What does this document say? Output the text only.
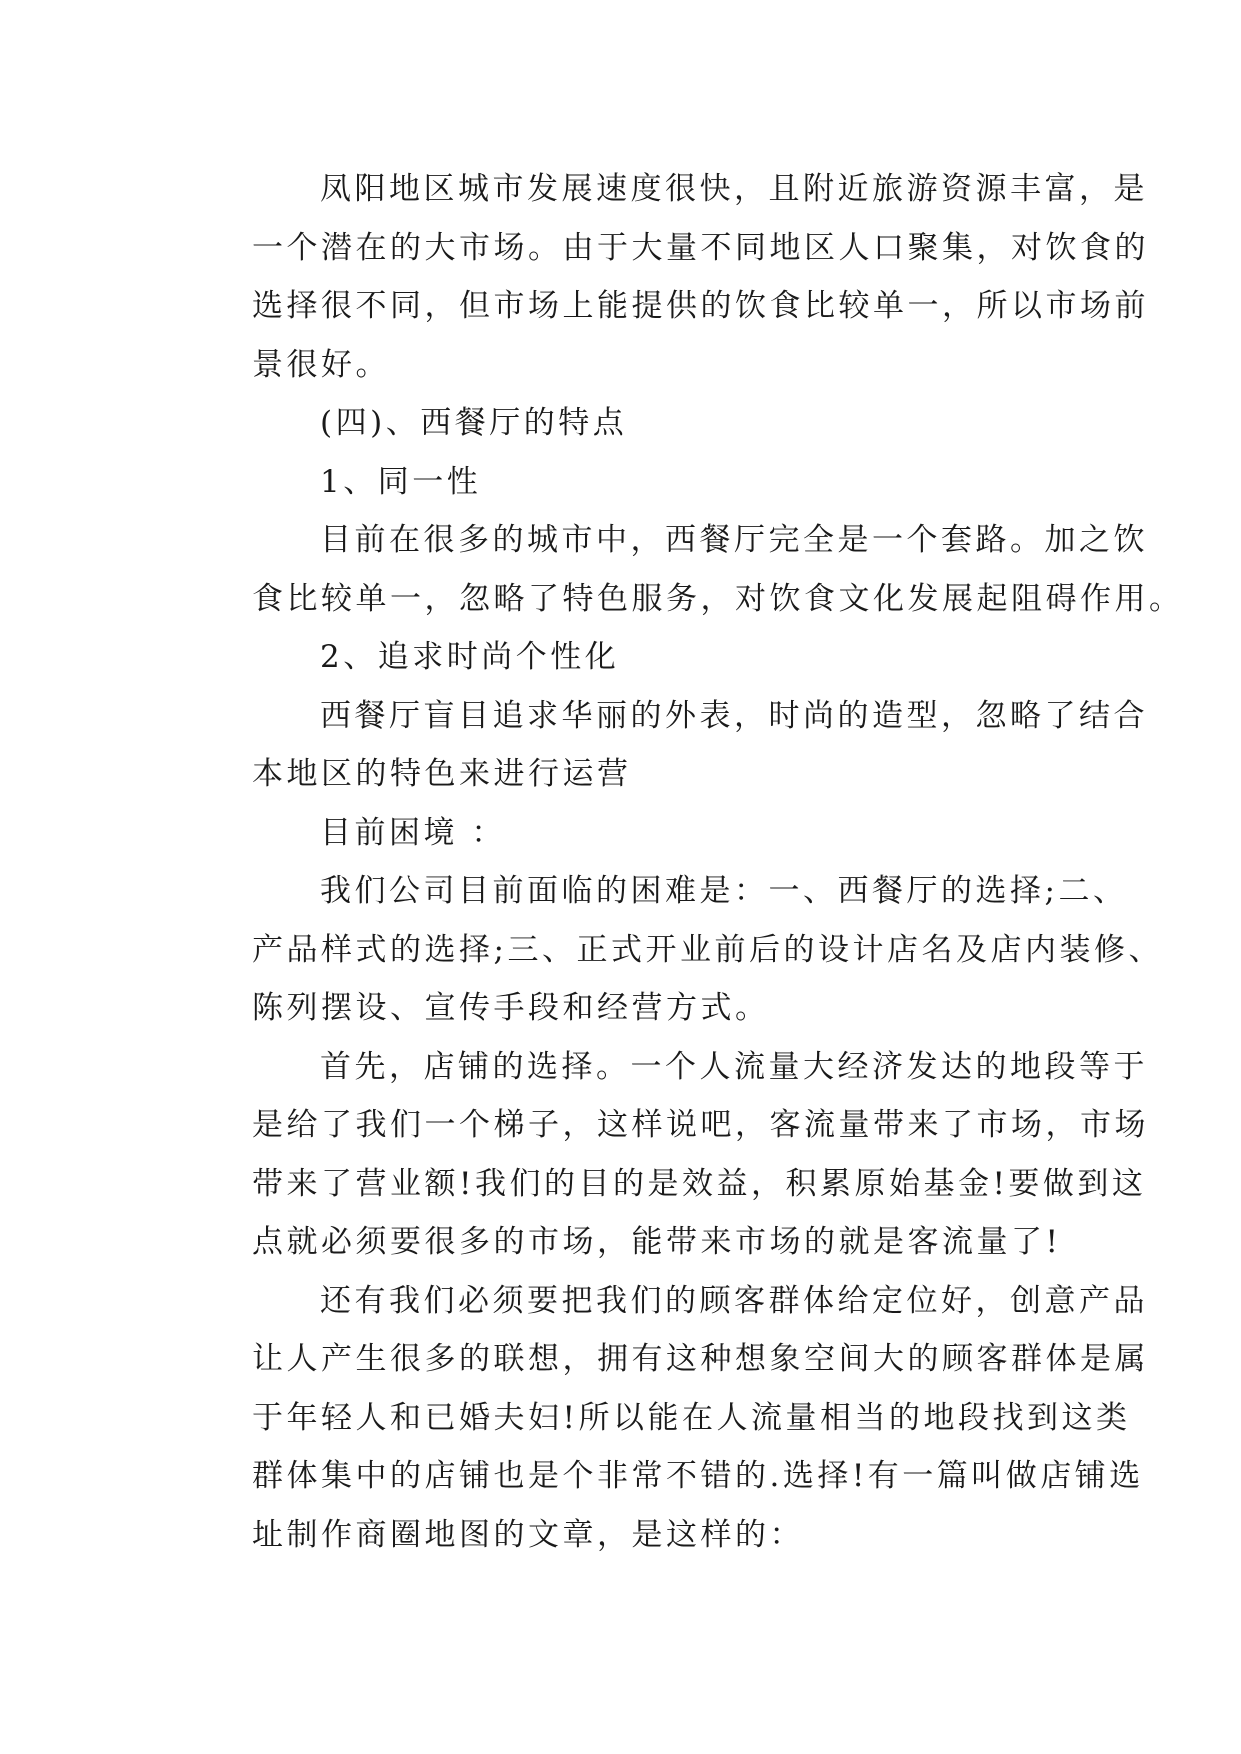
凤阳地区城市发展速度很快，且附近旅游资源丰富，是
一个潜在的大市场。由于大量不同地区人口聚集，对饮食的
选择很不同，但市场上能提供的饮食比较单一，所以市场前
景很好。
(四)、西餐厅的特点
1、同一性
目前在很多的城市中，西餐厅完全是一个套路。加之饮
食比较单一，忽略了特色服务，对饮食文化发展起阻碍作用。
2、追求时尚个性化
西餐厅盲目追求华丽的外表，时尚的造型，忽略了结合
本地区的特色来进行运营
目前困境 ：
我们公司目前面临的困难是：一、西餐厅的选择;二、
产品样式的选择;三、正式开业前后的设计店名及店内装修、
陈列摆设、宣传手段和经营方式。
首先，店铺的选择。一个人流量大经济发达的地段等于
是给了我们一个梯子，这样说吧，客流量带来了市场，市场
带来了营业额!我们的目的是效益，积累原始基金!要做到这
点就必须要很多的市场，能带来市场的就是客流量了!
还有我们必须要把我们的顾客群体给定位好，创意产品
让人产生很多的联想，拥有这种想象空间大的顾客群体是属
于年轻人和已婚夫妇!所以能在人流量相当的地段找到这类
群体集中的店铺也是个非常不错的.选择!有一篇叫做店铺选
址制作商圈地图的文章，是这样的：
